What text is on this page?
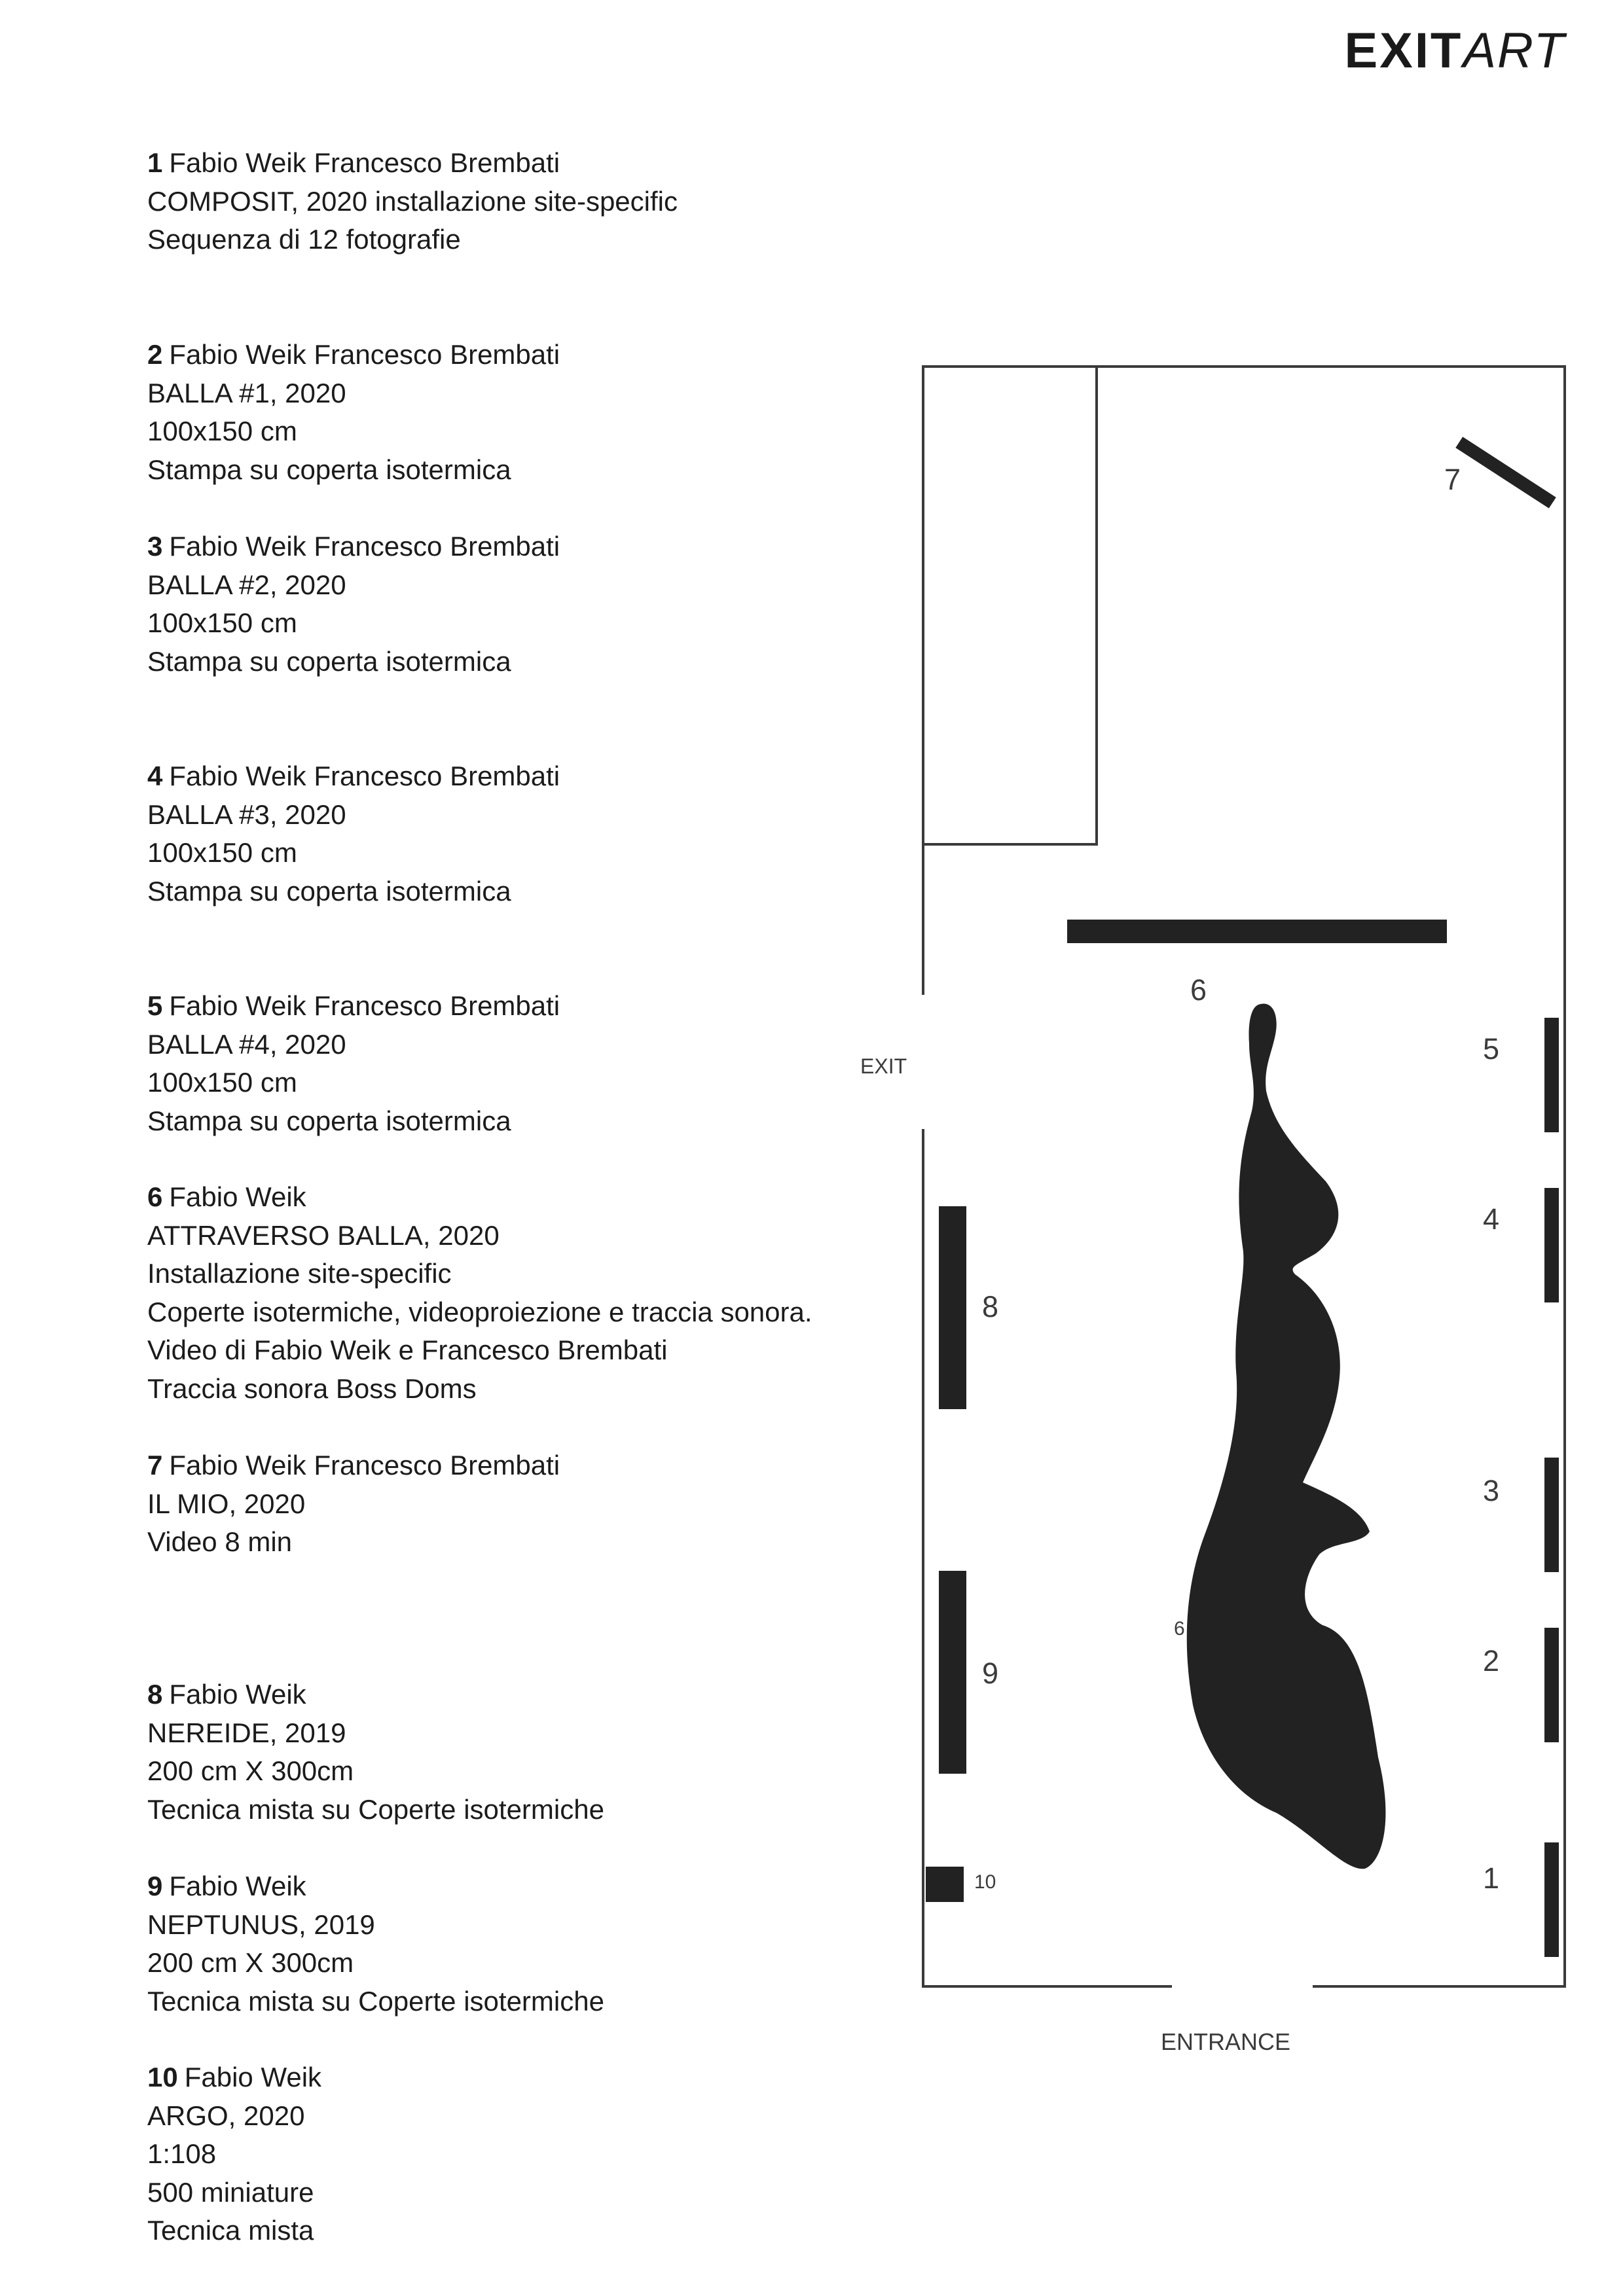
EXITART
1 Fabio Weik Francesco Brembati
COMPOSIT, 2020 installazione site-specific
Sequenza di 12 fotografie
2 Fabio Weik Francesco Brembati
BALLA #1, 2020
100x150 cm
Stampa su coperta isotermica
3 Fabio Weik Francesco Brembati
BALLA #2, 2020
100x150 cm
Stampa su coperta isotermica
4 Fabio Weik Francesco Brembati
BALLA #3, 2020
100x150 cm
Stampa su coperta isotermica
5 Fabio Weik Francesco Brembati
BALLA #4, 2020
100x150 cm
Stampa su coperta isotermica
6 Fabio Weik
ATTRAVERSO BALLA, 2020
Installazione site-specific
Coperte isotermiche, videoproiezione e traccia sonora.
Video di Fabio Weik e Francesco Brembati
Traccia sonora Boss Doms
7 Fabio Weik Francesco Brembati
IL MIO, 2020
Video 8 min
8 Fabio Weik
NEREIDE, 2019
200 cm X 300cm
Tecnica mista su Coperte isotermiche
9 Fabio Weik
NEPTUNUS, 2019
200 cm X 300cm
Tecnica mista su Coperte isotermiche
10 Fabio Weik
ARGO, 2020
1:108
500 miniature
Tecnica mista
EXIT
ENTRANCE
1
2
3
4
5
6
6
7
8
9
10
